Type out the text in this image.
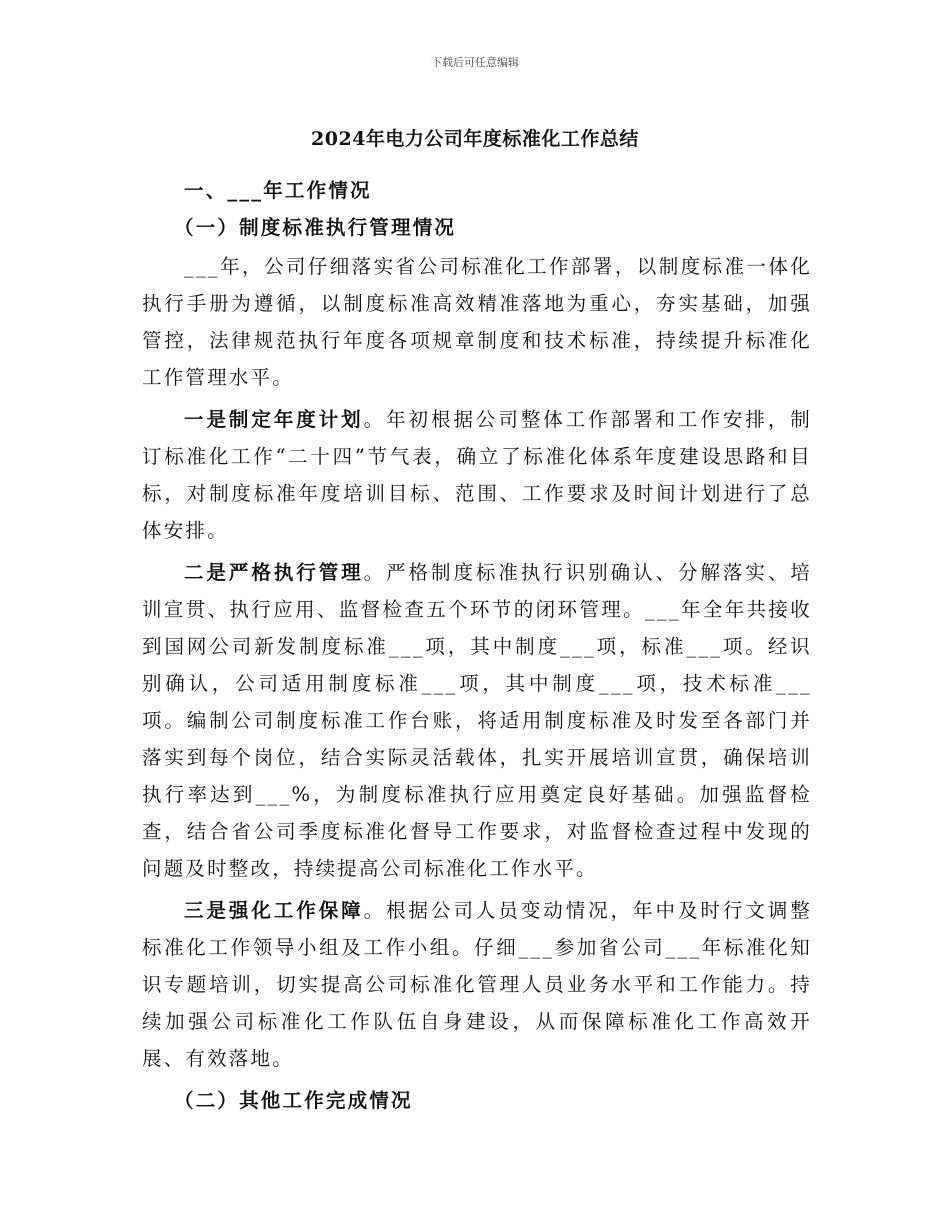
下载后可任意编辑
2024年电力公司年度标准化工作总结
一、___年工作情况
（一）制度标准执行管理情况

___年，公司仔细落实省公司标准化工作部署，以制度标准一体化执行手册为遵循，以制度标准高效精准落地为重心，夯实基础，加强管控，法律规范执行年度各项规章制度和技术标准，持续提升标准化工作管理水平。

一是制定年度计划。年初根据公司整体工作部署和工作安排，制订标准化工作“二十四”节气表，确立了标准化体系年度建设思路和目标，对制度标准年度培训目标、范围、工作要求及时间计划进行了总体安排。

二是严格执行管理。严格制度标准执行识别确认、分解落实、培训宣贯、执行应用、监督检查五个环节的闭环管理。___年全年共接收到国网公司新发制度标准___项，其中制度___项，标准___项。经识别确认，公司适用制度标准___项，其中制度___项，技术标准___项。编制公司制度标准工作台账，将适用制度标准及时发至各部门并落实到每个岗位，结合实际灵活载体，扎实开展培训宣贯，确保培训执行率达到___%，为制度标准执行应用奠定良好基础。加强监督检查，结合省公司季度标准化督导工作要求，对监督检查过程中发现的问题及时整改，持续提高公司标准化工作水平。

三是强化工作保障。根据公司人员变动情况，年中及时行文调整标准化工作领导小组及工作小组。仔细___参加省公司___年标准化知识专题培训，切实提高公司标准化管理人员业务水平和工作能力。持续加强公司标准化工作队伍自身建设，从而保障标准化工作高效开展、有效落地。

（二）其他工作完成情况
